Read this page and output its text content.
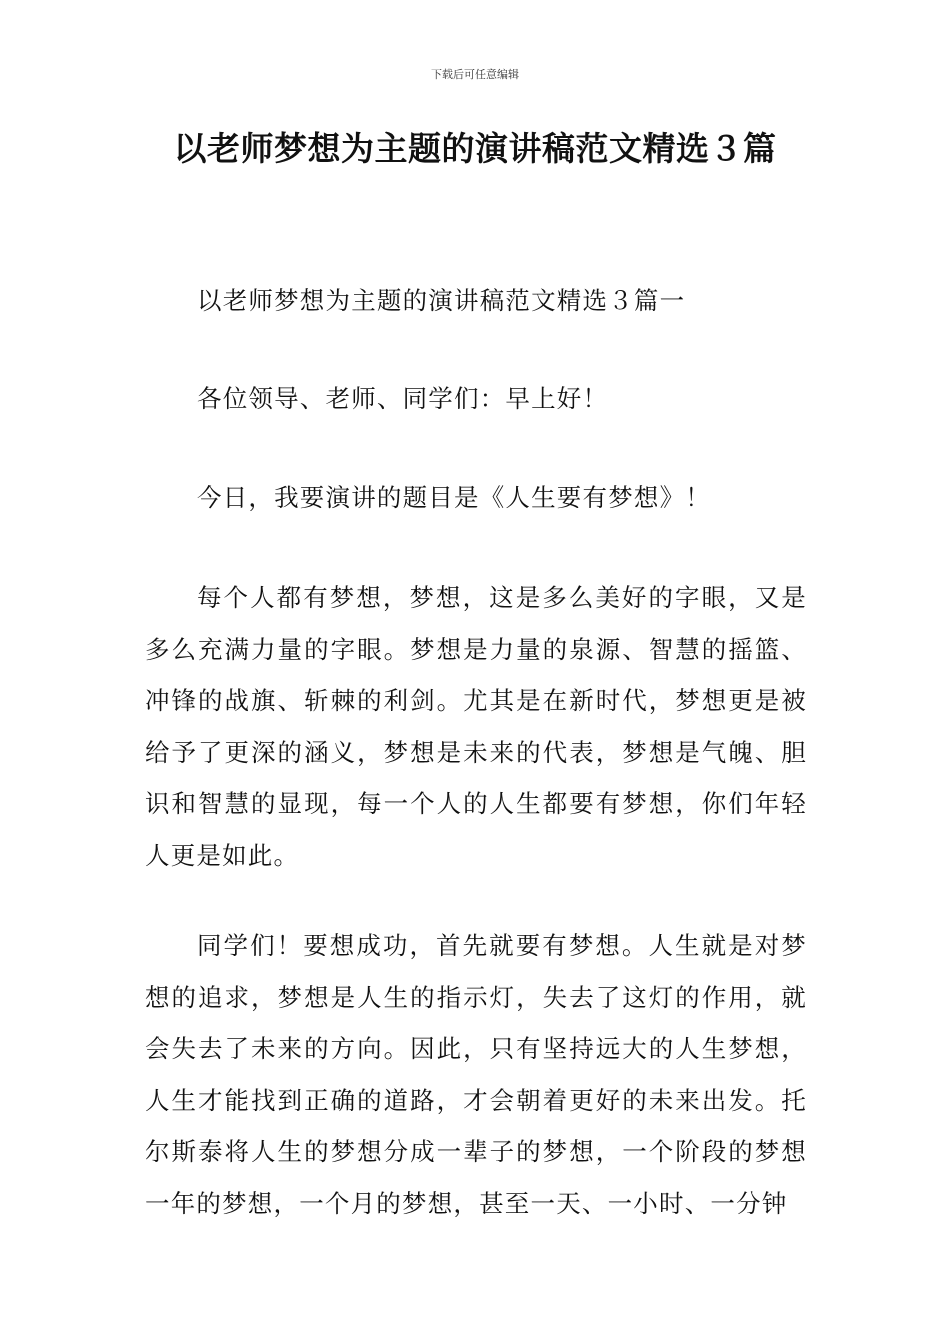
下载后可任意编辑
以老师梦想为主题的演讲稿范文精选３篇
以老师梦想为主题的演讲稿范文精选３篇一
各位领导、老师、同学们：早上好！
今日，我要演讲的题目是《人生要有梦想》！
每个人都有梦想，梦想，这是多么美好的字眼，又是多么充满力量的字眼。梦想是力量的泉源、智慧的摇篮、冲锋的战旗、斩棘的利剑。尤其是在新时代，梦想更是被给予了更深的涵义，梦想是未来的代表，梦想是气魄、胆识和智慧的显现，每一个人的人生都要有梦想，你们年轻人更是如此。
同学们！要想成功，首先就要有梦想。人生就是对梦想的追求，梦想是人生的指示灯，失去了这灯的作用，就会失去了未来的方向。因此，只有坚持远大的人生梦想，人生才能找到正确的道路，才会朝着更好的未来出发。托尔斯泰将人生的梦想分成一辈子的梦想，一个阶段的梦想一年的梦想，一个月的梦想，甚至一天、一小时、一分钟
